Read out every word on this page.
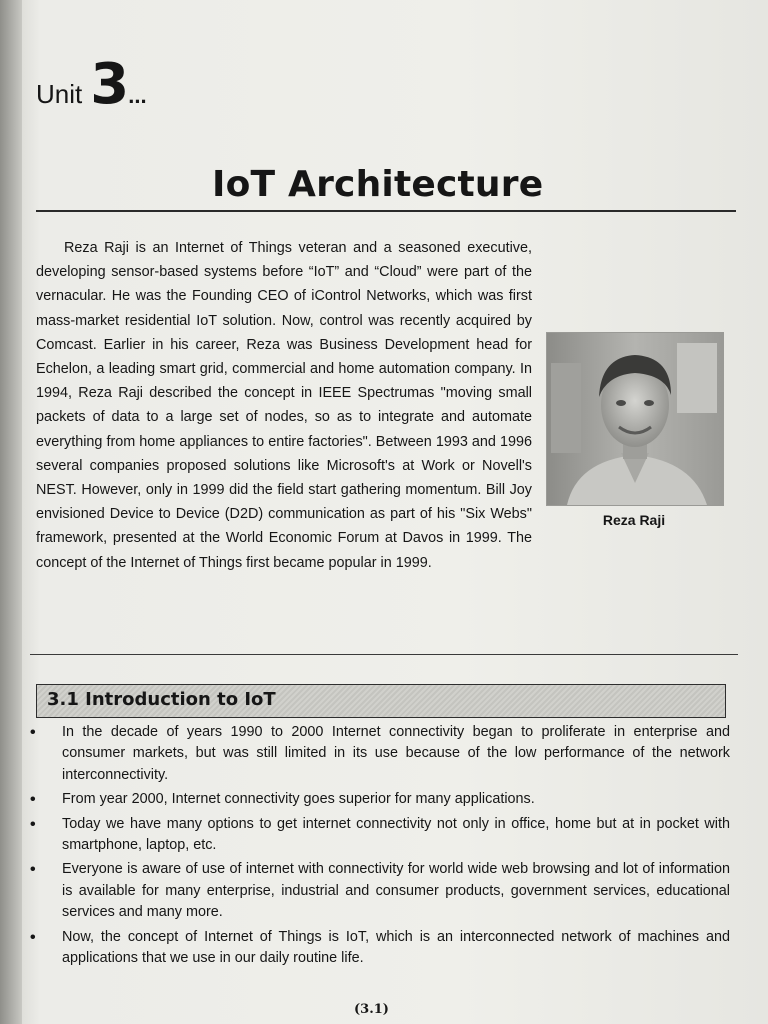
Unit 3...
IoT Architecture

Reza Raji is an Internet of Things veteran and a seasoned executive, developing sensor-based systems before “IoT” and “Cloud” were part of the vernacular. He was the Founding CEO of iControl Networks, which was first mass-market residential IoT solution. Now, control was recently acquired by Comcast. Earlier in his career, Reza was Business Development head for Echelon, a leading smart grid, commercial and home automation company. In 1994, Reza Raji described the concept in IEEE Spectrumas "moving small packets of data to a large set of nodes, so as to integrate and automate everything from home appliances to entire factories". Between 1993 and 1996 several companies proposed solutions like Microsoft's at Work or Novell's NEST. However, only in 1999 did the field start gathering momentum. Bill Joy envisioned Device to Device (D2D) communication as part of his "Six Webs" framework, presented at the World Economic Forum at Davos in 1999. The concept of the Internet of Things first became popular in 1999.

Reza Raji
3.1 Introduction to IoT
• In the decade of years 1990 to 2000 Internet connectivity began to proliferate in enterprise and consumer markets, but was still limited in its use because of the low performance of the network interconnectivity.
• From year 2000, Internet connectivity goes superior for many applications.
• Today we have many options to get internet connectivity not only in office, home but at in pocket with smartphone, laptop, etc.
• Everyone is aware of use of internet with connectivity for world wide web browsing and lot of information is available for many enterprise, industrial and consumer products, government services, educational services and many more.
• Now, the concept of Internet of Things is IoT, which is an interconnected network of machines and applications that we use in our daily routine life.
(3.1)
